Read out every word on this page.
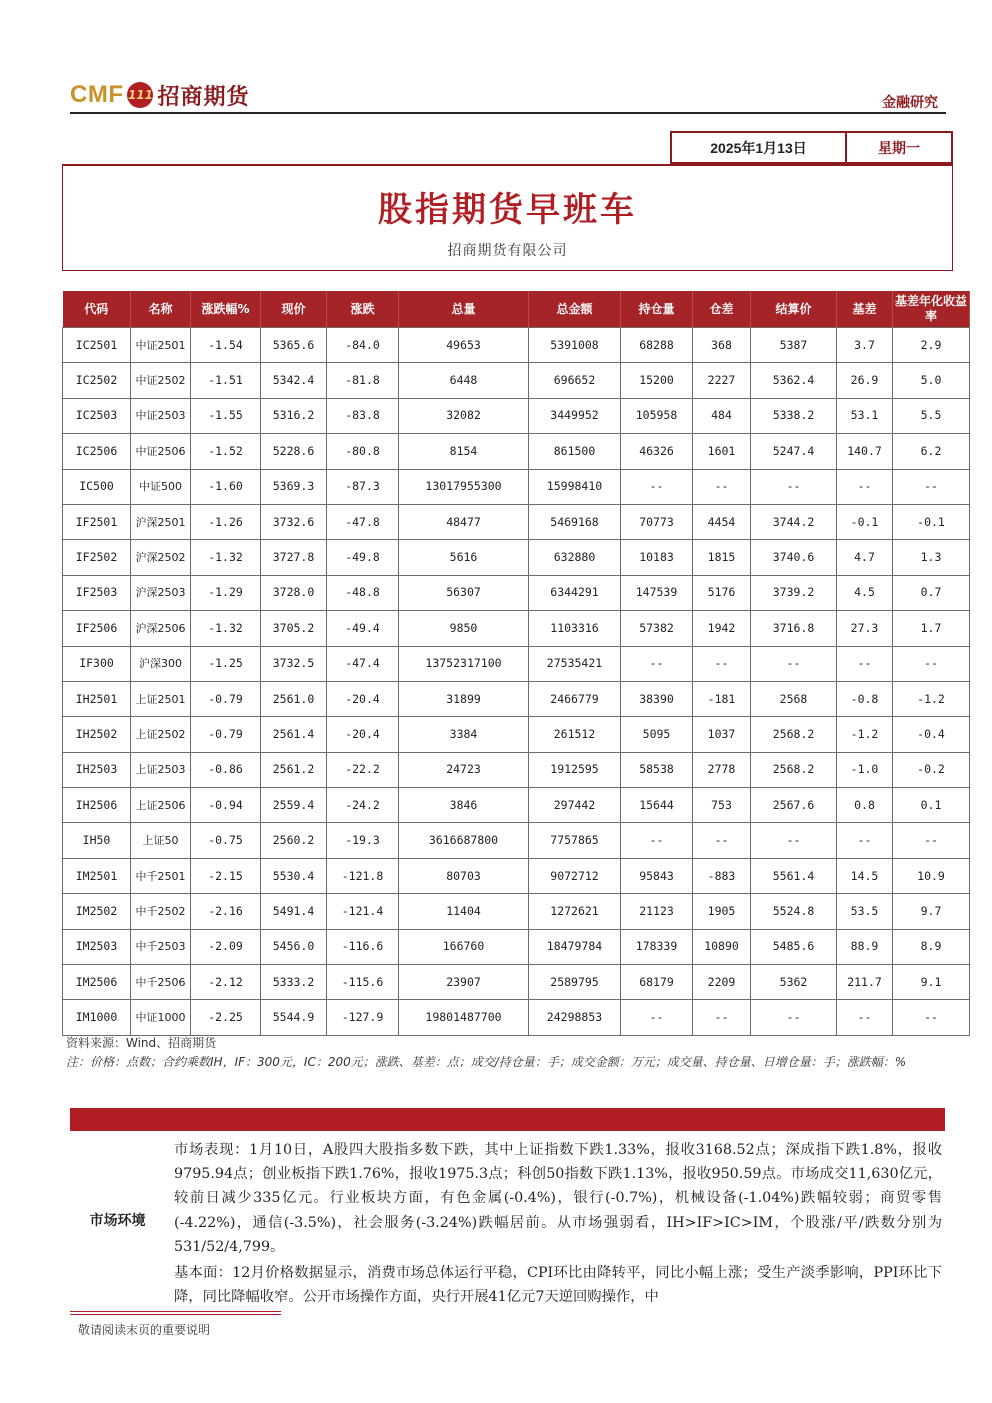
CMF 111 招商期货	金融研究
2025年1月13日	星期一
股指期货早班车
招商期货有限公司
代码	名称	涨跌幅%	现价	涨跌	总量	总金额	持仓量	仓差	结算价	基差	基差年化收益率
IC2501	中证2501	-1.54	5365.6	-84.0	49653	5391008	68288	368	5387	3.7	2.9
IC2502	中证2502	-1.51	5342.4	-81.8	6448	696652	15200	2227	5362.4	26.9	5.0
IC2503	中证2503	-1.55	5316.2	-83.8	32082	3449952	105958	484	5338.2	53.1	5.5
IC2506	中证2506	-1.52	5228.6	-80.8	8154	861500	46326	1601	5247.4	140.7	6.2
IC500	中证500	-1.60	5369.3	-87.3	13017955300	15998410	--	--	--	--	--
IF2501	沪深2501	-1.26	3732.6	-47.8	48477	5469168	70773	4454	3744.2	-0.1	-0.1
IF2502	沪深2502	-1.32	3727.8	-49.8	5616	632880	10183	1815	3740.6	4.7	1.3
IF2503	沪深2503	-1.29	3728.0	-48.8	56307	6344291	147539	5176	3739.2	4.5	0.7
IF2506	沪深2506	-1.32	3705.2	-49.4	9850	1103316	57382	1942	3716.8	27.3	1.7
IF300	沪深300	-1.25	3732.5	-47.4	13752317100	27535421	--	--	--	--	--
IH2501	上证2501	-0.79	2561.0	-20.4	31899	2466779	38390	-181	2568	-0.8	-1.2
IH2502	上证2502	-0.79	2561.4	-20.4	3384	261512	5095	1037	2568.2	-1.2	-0.4
IH2503	上证2503	-0.86	2561.2	-22.2	24723	1912595	58538	2778	2568.2	-1.0	-0.2
IH2506	上证2506	-0.94	2559.4	-24.2	3846	297442	15644	753	2567.6	0.8	0.1
IH50	上证50	-0.75	2560.2	-19.3	3616687800	7757865	--	--	--	--	--
IM2501	中千2501	-2.15	5530.4	-121.8	80703	9072712	95843	-883	5561.4	14.5	10.9
IM2502	中千2502	-2.16	5491.4	-121.4	11404	1272621	21123	1905	5524.8	53.5	9.7
IM2503	中千2503	-2.09	5456.0	-116.6	166760	18479784	178339	10890	5485.6	88.9	8.9
IM2506	中千2506	-2.12	5333.2	-115.6	23907	2589795	68179	2209	5362	211.7	9.1
IM1000	中证1000	-2.25	5544.9	-127.9	19801487700	24298853	--	--	--	--	--
资料来源：Wind、招商期货
注：价格：点数；合约乘数IH，IF：300元，IC：200元；涨跌、基差：点；成交/持仓量：手；成交金额：万元；成交量、持仓量、日增仓量：手；涨跌幅：%
市场环境

市场表现：1月10日，A股四大股指多数下跌，其中上证指数下跌1.33%，报收3168.52点；深成指下跌1.8%，报收9795.94点；创业板指下跌1.76%，报收1975.3点；科创50指数下跌1.13%，报收950.59点。市场成交11,630亿元，较前日减少335亿元。行业板块方面，有色金属(-0.4%)，银行(-0.7%)，机械设备(-1.04%)跌幅较弱；商贸零售(-4.22%)，通信(-3.5%)，社会服务(-3.24%)跌幅居前。从市场强弱看，IH>IF>IC>IM，个股涨/平/跌数分别为531/52/4,799。

基本面：12月价格数据显示，消费市场总体运行平稳，CPI环比由降转平，同比小幅上涨；受生产淡季影响，PPI环比下降，同比降幅收窄。公开市场操作方面，央行开展41亿元7天逆回购操作，中

敬请阅读末页的重要说明
